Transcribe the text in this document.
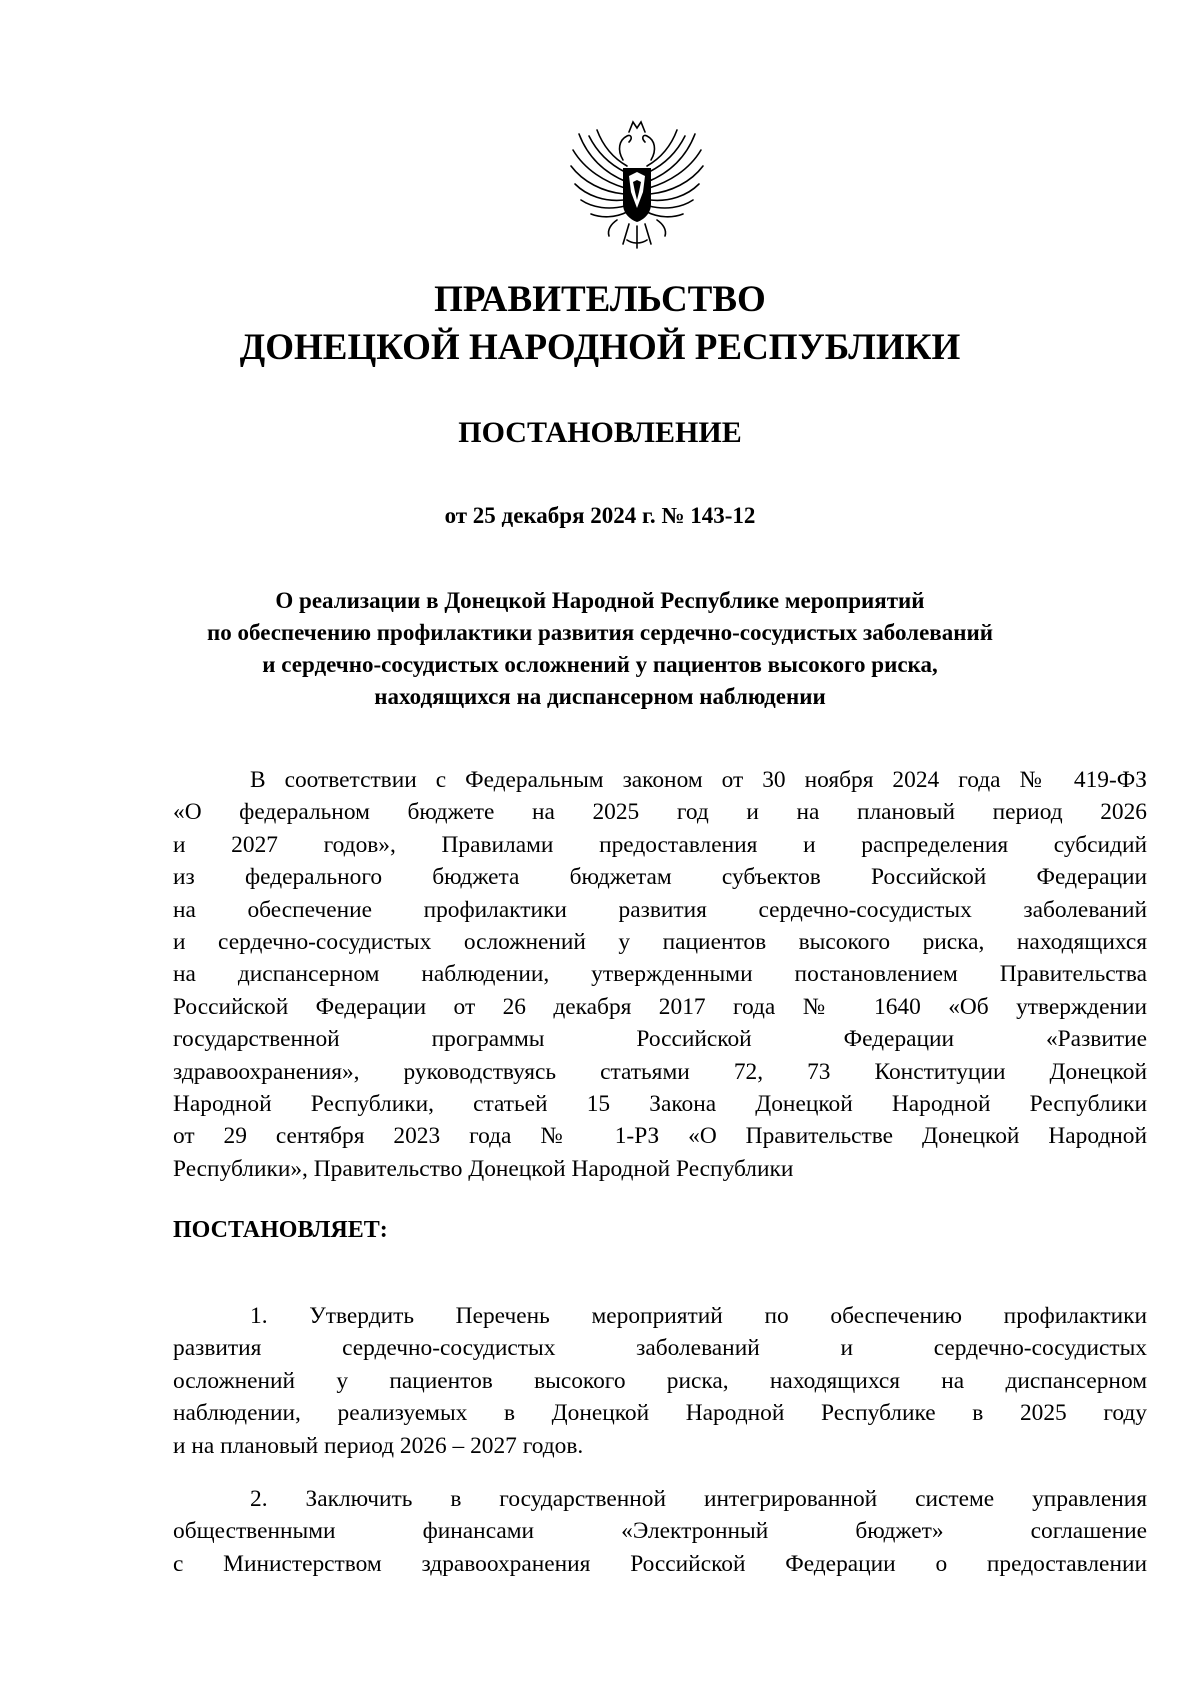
ПРАВИТЕЛЬСТВО
ДОНЕЦКОЙ НАРОДНОЙ РЕСПУБЛИКИ
ПОСТАНОВЛЕНИЕ
от 25 декабря 2024 г. № 143-12
О реализации в Донецкой Народной Республике мероприятий
по обеспечению профилактики развития сердечно-сосудистых заболеваний
и сердечно-сосудистых осложнений у пациентов высокого риска,
находящихся на диспансерном наблюдении
В соответствии с Федеральным законом от 30 ноября 2024 года № 419-ФЗ
«О федеральном бюджете на 2025 год и на плановый период 2026
и 2027 годов», Правилами предоставления и распределения субсидий
из федерального бюджета бюджетам субъектов Российской Федерации
на обеспечение профилактики развития сердечно-сосудистых заболеваний
и сердечно-сосудистых осложнений у пациентов высокого риска, находящихся
на диспансерном наблюдении, утвержденными постановлением Правительства
Российской Федерации от 26 декабря 2017 года № 1640 «Об утверждении
государственной программы Российской Федерации «Развитие
здравоохранения», руководствуясь статьями 72, 73 Конституции Донецкой
Народной Республики, статьей 15 Закона Донецкой Народной Республики
от 29 сентября 2023 года № 1-РЗ «О Правительстве Донецкой Народной
Республики», Правительство Донецкой Народной Республики
ПОСТАНОВЛЯЕТ:
1. Утвердить Перечень мероприятий по обеспечению профилактики
развития сердечно-сосудистых заболеваний и сердечно-сосудистых
осложнений у пациентов высокого риска, находящихся на диспансерном
наблюдении, реализуемых в Донецкой Народной Республике в 2025 году
и на плановый период 2026 – 2027 годов.
2. Заключить в государственной интегрированной системе управления
общественными финансами «Электронный бюджет» соглашение
с Министерством здравоохранения Российской Федерации о предоставлении
